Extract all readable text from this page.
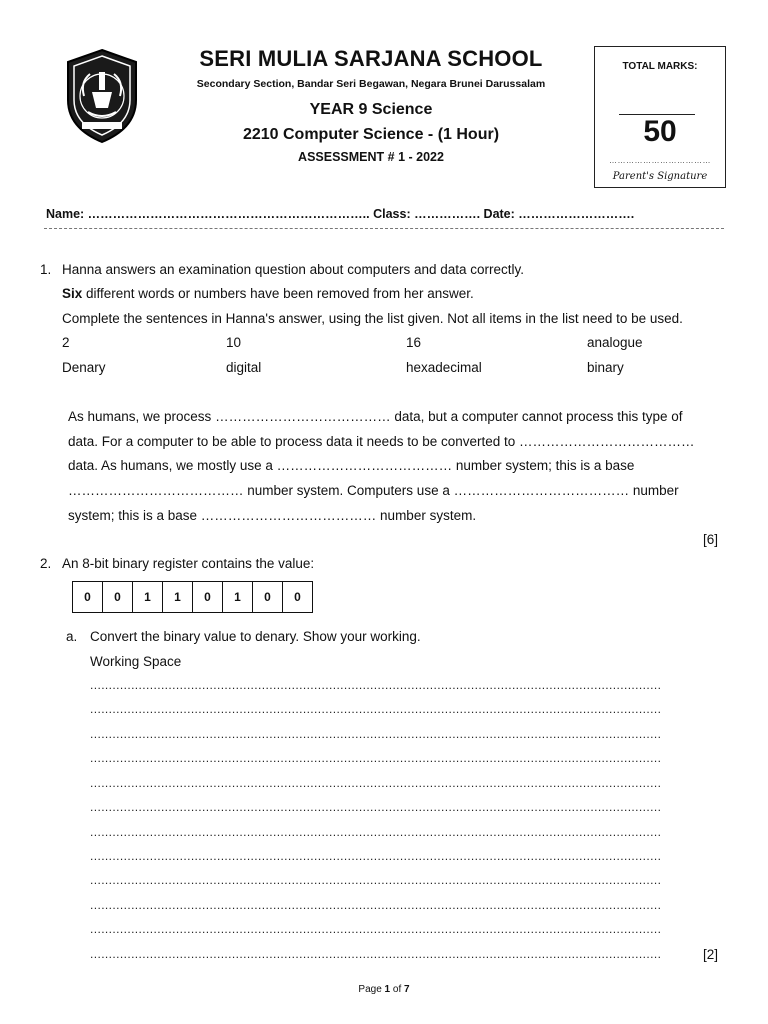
SERI MULIA SARJANA SCHOOL
Secondary Section, Bandar Seri Begawan, Negara Brunei Darussalam
YEAR 9 Science
2210 Computer Science - (1 Hour)
ASSESSMENT # 1 - 2022
TOTAL MARKS:
50
………………………………
Parent's Signature
Name: ………………………………………………………….. Class: ……………. Date: ……………………….
1. Hanna answers an examination question about computers and data correctly.
Six different words or numbers have been removed from her answer.
Complete the sentences in Hanna's answer, using the list given. Not all items in the list need to be used.
2	10	16	analogue
Denary	digital	hexadecimal	binary
As humans, we process ………………………………… data, but a computer cannot process this type of
data. For a computer to be able to process data it needs to be converted to …………………………………
data. As humans, we mostly use a ………………………………… number system; this is a base
………………………………… number system. Computers use a ………………………………… number
system; this is a base ………………………………… number system.
[6]
2. An 8-bit binary register contains the value:
0	0	1	1	0	1	0	0
a. Convert the binary value to denary. Show your working.
Working Space
.........................................................................................................................................................
.........................................................................................................................................................
.........................................................................................................................................................
.........................................................................................................................................................
.........................................................................................................................................................
.........................................................................................................................................................
.........................................................................................................................................................
.........................................................................................................................................................
.........................................................................................................................................................
.........................................................................................................................................................
.........................................................................................................................................................
.........................................................................................................................................................	[2]
Page 1 of 7
